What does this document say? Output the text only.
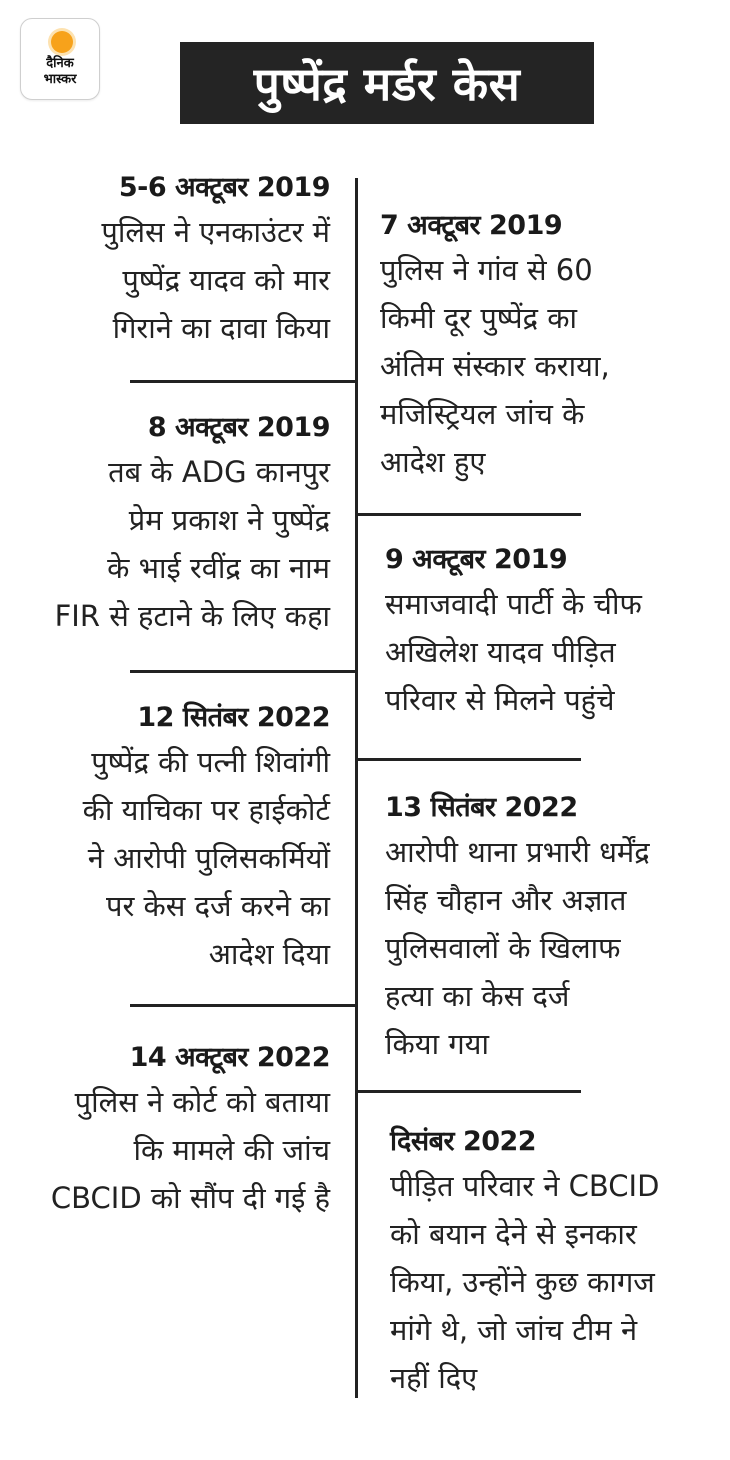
दैनिक
भास्कर	पुष्पेंद्र मर्डर केस
5-6 अक्टूबर 2019
पुलिस ने एनकाउंटर में
पुष्पेंद्र यादव को मार
गिराने का दावा किया
8 अक्टूबर 2019
तब के ADG कानपुर
प्रेम प्रकाश ने पुष्पेंद्र
के भाई रवींद्र का नाम
FIR से हटाने के लिए कहा
12 सितंबर 2022
पुष्पेंद्र की पत्नी शिवांगी
की याचिका पर हाईकोर्ट
ने आरोपी पुलिसकर्मियों
पर केस दर्ज करने का
आदेश दिया
14 अक्टूबर 2022
पुलिस ने कोर्ट को बताया
कि मामले की जांच
CBCID को सौंप दी गई है
7 अक्टूबर 2019
पुलिस ने गांव से 60
किमी दूर पुष्पेंद्र का
अंतिम संस्कार कराया,
मजिस्ट्रियल जांच के
आदेश हुए
9 अक्टूबर 2019
समाजवादी पार्टी के चीफ
अखिलेश यादव पीड़ित
परिवार से मिलने पहुंचे
13 सितंबर 2022
आरोपी थाना प्रभारी धर्मेंद्र
सिंह चौहान और अज्ञात
पुलिसवालों के खिलाफ
हत्या का केस दर्ज
किया गया
दिसंबर 2022
पीड़ित परिवार ने CBCID
को बयान देने से इनकार
किया, उन्होंने कुछ कागज
मांगे थे, जो जांच टीम ने
नहीं दिए
